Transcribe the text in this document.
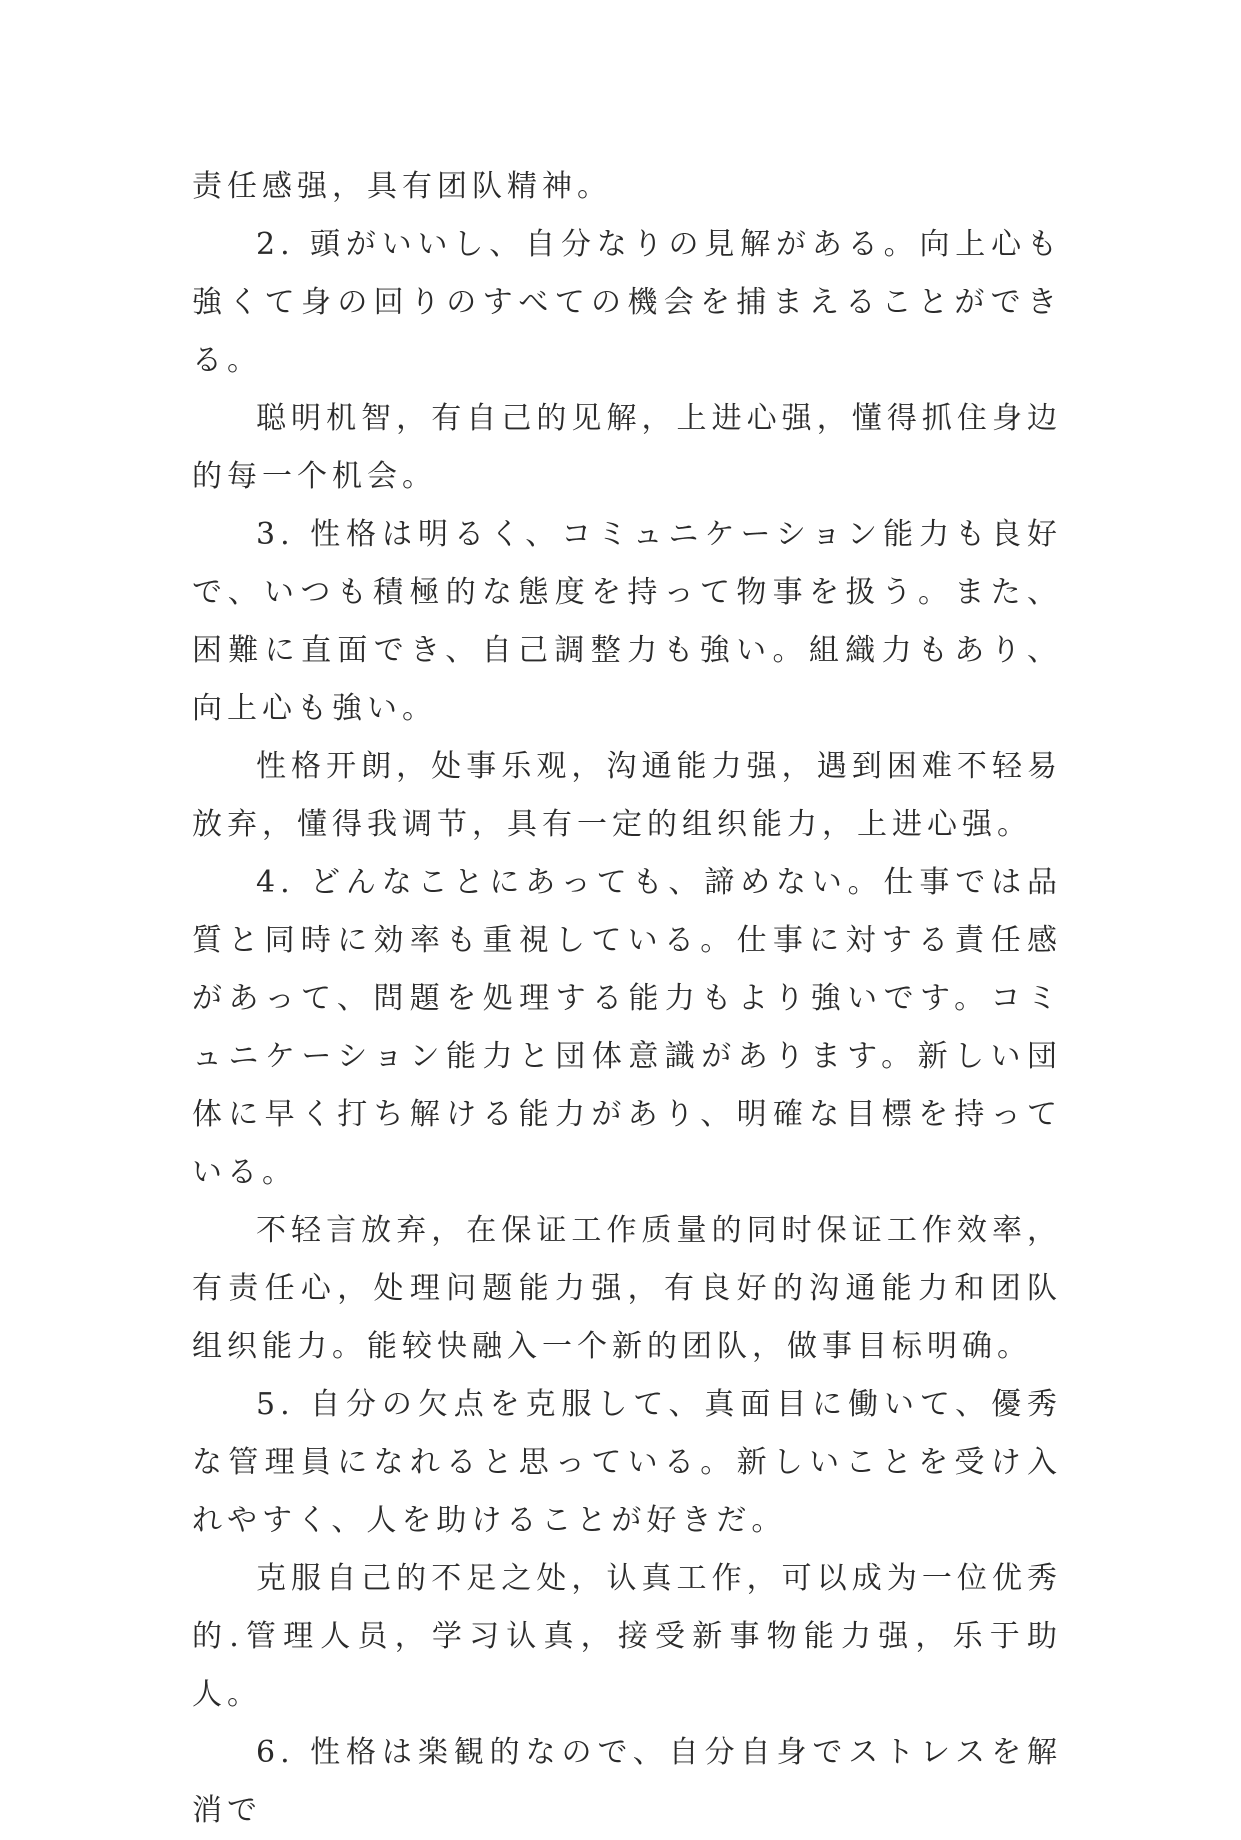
责任感强，具有团队精神。

2. 頭がいいし、自分なりの見解がある。向上心も強くて身の回りのすべての機会を捕まえることができる。

聪明机智，有自己的见解，上进心强，懂得抓住身边的每一个机会。

3. 性格は明るく、コミュニケーション能力も良好で、いつも積極的な態度を持って物事を扱う。また、困難に直面でき、自己調整力も強い。組織力もあり、向上心も強い。

性格开朗，处事乐观，沟通能力强，遇到困难不轻易放弃，懂得我调节，具有一定的组织能力，上进心强。

4. どんなことにあっても、諦めない。仕事では品質と同時に効率も重視している。仕事に対する責任感があって、問題を処理する能力もより強いです。コミュニケーション能力と団体意識があります。新しい団体に早く打ち解ける能力があり、明確な目標を持っている。

不轻言放弃，在保证工作质量的同时保证工作效率，有责任心，处理问题能力强，有良好的沟通能力和团队组织能力。能较快融入一个新的团队，做事目标明确。

5. 自分の欠点を克服して、真面目に働いて、優秀な管理員になれると思っている。新しいことを受け入れやすく、人を助けることが好きだ。

克服自己的不足之处，认真工作，可以成为一位优秀的.管理人员，学习认真，接受新事物能力强，乐于助人。

6. 性格は楽観的なので、自分自身でストレスを解消で
